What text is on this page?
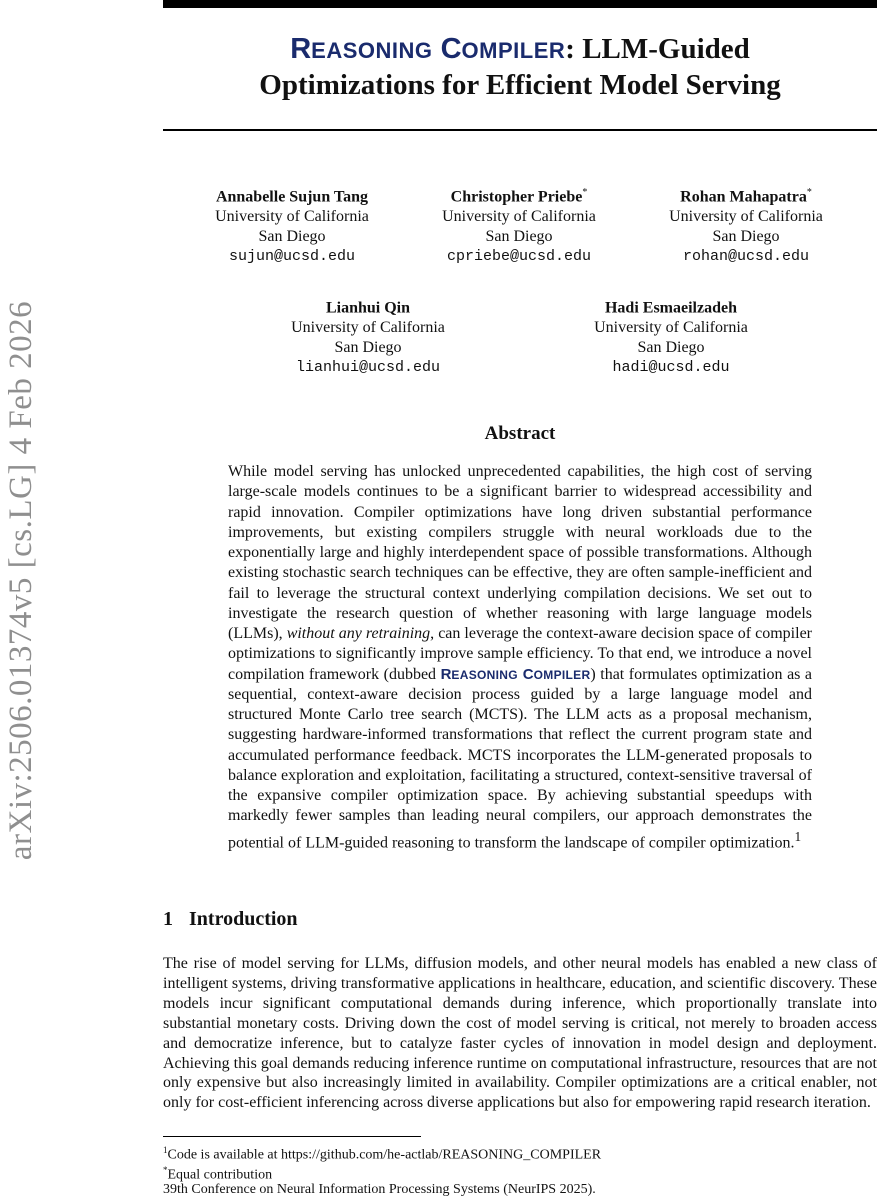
arXiv:2506.01374v5 [cs.LG] 4 Feb 2026
REASONING COMPILER: LLM-Guided
Optimizations for Efficient Model Serving
Annabelle Sujun Tang
University of California
San Diego
sujun@ucsd.edu
Christopher Priebe*
University of California
San Diego
cpriebe@ucsd.edu
Rohan Mahapatra*
University of California
San Diego
rohan@ucsd.edu
Lianhui Qin
University of California
San Diego
lianhui@ucsd.edu
Hadi Esmaeilzadeh
University of California
San Diego
hadi@ucsd.edu
Abstract

While model serving has unlocked unprecedented capabilities, the high cost of serving large-scale models continues to be a significant barrier to widespread accessibility and rapid innovation. Compiler optimizations have long driven substantial performance improvements, but existing compilers struggle with neural workloads due to the exponentially large and highly interdependent space of possible transformations. Although existing stochastic search techniques can be effective, they are often sample-inefficient and fail to leverage the structural context underlying compilation decisions. We set out to investigate the research question of whether reasoning with large language models (LLMs), without any retraining, can leverage the context-aware decision space of compiler optimizations to significantly improve sample efficiency. To that end, we introduce a novel compilation framework (dubbed REASONING COMPILER) that formulates optimization as a sequential, context-aware decision process guided by a large language model and structured Monte Carlo tree search (MCTS). The LLM acts as a proposal mechanism, suggesting hardware-informed transformations that reflect the current program state and accumulated performance feedback. MCTS incorporates the LLM-generated proposals to balance exploration and exploitation, facilitating a structured, context-sensitive traversal of the expansive compiler optimization space. By achieving substantial speedups with markedly fewer samples than leading neural compilers, our approach demonstrates the potential of LLM-guided reasoning to transform the landscape of compiler optimization.$^1$

1 Introduction

The rise of model serving for LLMs, diffusion models, and other neural models has enabled a new class of intelligent systems, driving transformative applications in healthcare, education, and scientific discovery. These models incur significant computational demands during inference, which proportionally translate into substantial monetary costs. Driving down the cost of model serving is critical, not merely to broaden access and democratize inference, but to catalyze faster cycles of innovation in model design and deployment. Achieving this goal demands reducing inference runtime on computational infrastructure, resources that are not only expensive but also increasingly limited in availability. Compiler optimizations are a critical enabler, not only for cost-efficient inferencing across diverse applications but also for empowering rapid research iteration.

$^1$Code is available at https://github.com/he-actlab/REASONING_COMPILER
*Equal contribution
39th Conference on Neural Information Processing Systems (NeurIPS 2025).
